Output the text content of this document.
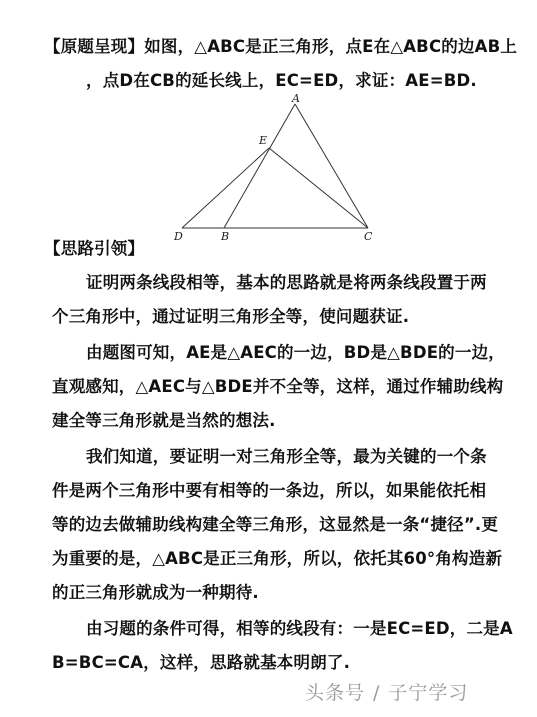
【原题呈现】如图，△ABC是正三角形，点E在△ABC的边AB上
，点D在CB的延长线上，EC=ED，求证：AE=BD.
A
E
D	B	C
【思路引领】
证明两条线段相等，基本的思路就是将两条线段置于两
个三角形中，通过证明三角形全等，使问题获证.
由题图可知，AE是△AEC的一边，BD是△BDE的一边，
直观感知，△AEC与△BDE并不全等，这样，通过作辅助线构
建全等三角形就是当然的想法.
我们知道，要证明一对三角形全等，最为关键的一个条
件是两个三角形中要有相等的一条边，所以，如果能依托相
等的边去做辅助线构建全等三角形，这显然是一条“捷径”.更
为重要的是，△ABC是正三角形，所以，依托其60°角构造新
的正三角形就成为一种期待.
由习题的条件可得，相等的线段有：一是EC=ED，二是A
B=BC=CA，这样，思路就基本明朗了.
头条号 / 子宁学习
